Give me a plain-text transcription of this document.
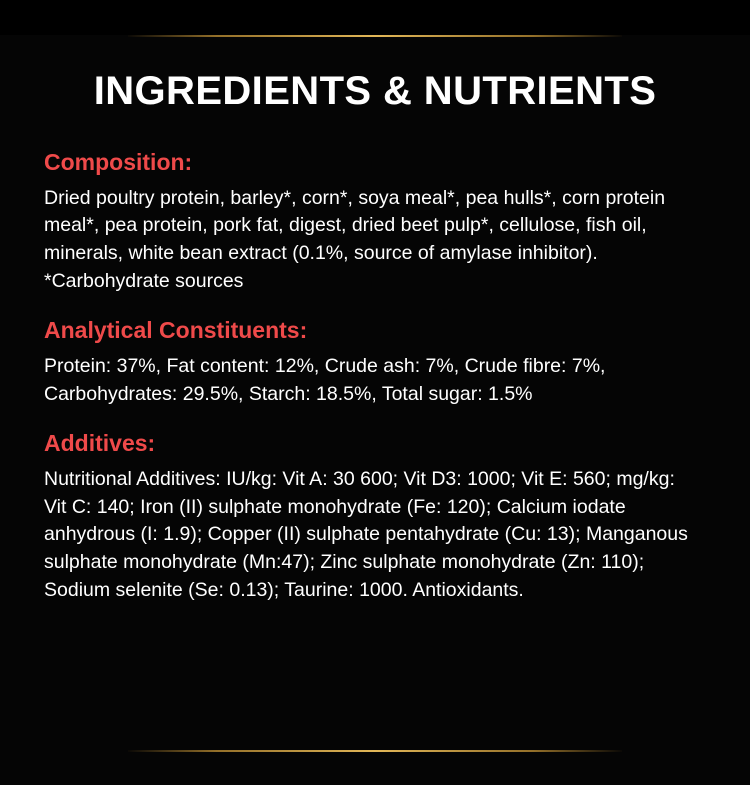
INGREDIENTS & NUTRIENTS
Composition:

Dried poultry protein, barley*, corn*, soya meal*, pea hulls*, corn protein meal*, pea protein, pork fat, digest, dried beet pulp*, cellulose, fish oil, minerals, white bean extract (0.1%, source of amylase inhibitor). *Carbohydrate sources

Analytical Constituents:

Protein: 37%, Fat content: 12%, Crude ash: 7%, Crude fibre: 7%, Carbohydrates: 29.5%, Starch: 18.5%, Total sugar: 1.5%

Additives:

Nutritional Additives: IU/kg: Vit A: 30 600; Vit D3: 1000; Vit E: 560; mg/kg: Vit C: 140; Iron (II) sulphate monohydrate (Fe: 120); Calcium iodate anhydrous (I: 1.9); Copper (II) sulphate pentahydrate (Cu: 13); Manganous sulphate monohydrate (Mn:47); Zinc sulphate monohydrate (Zn: 110); Sodium selenite (Se: 0.13); Taurine: 1000. Antioxidants.
